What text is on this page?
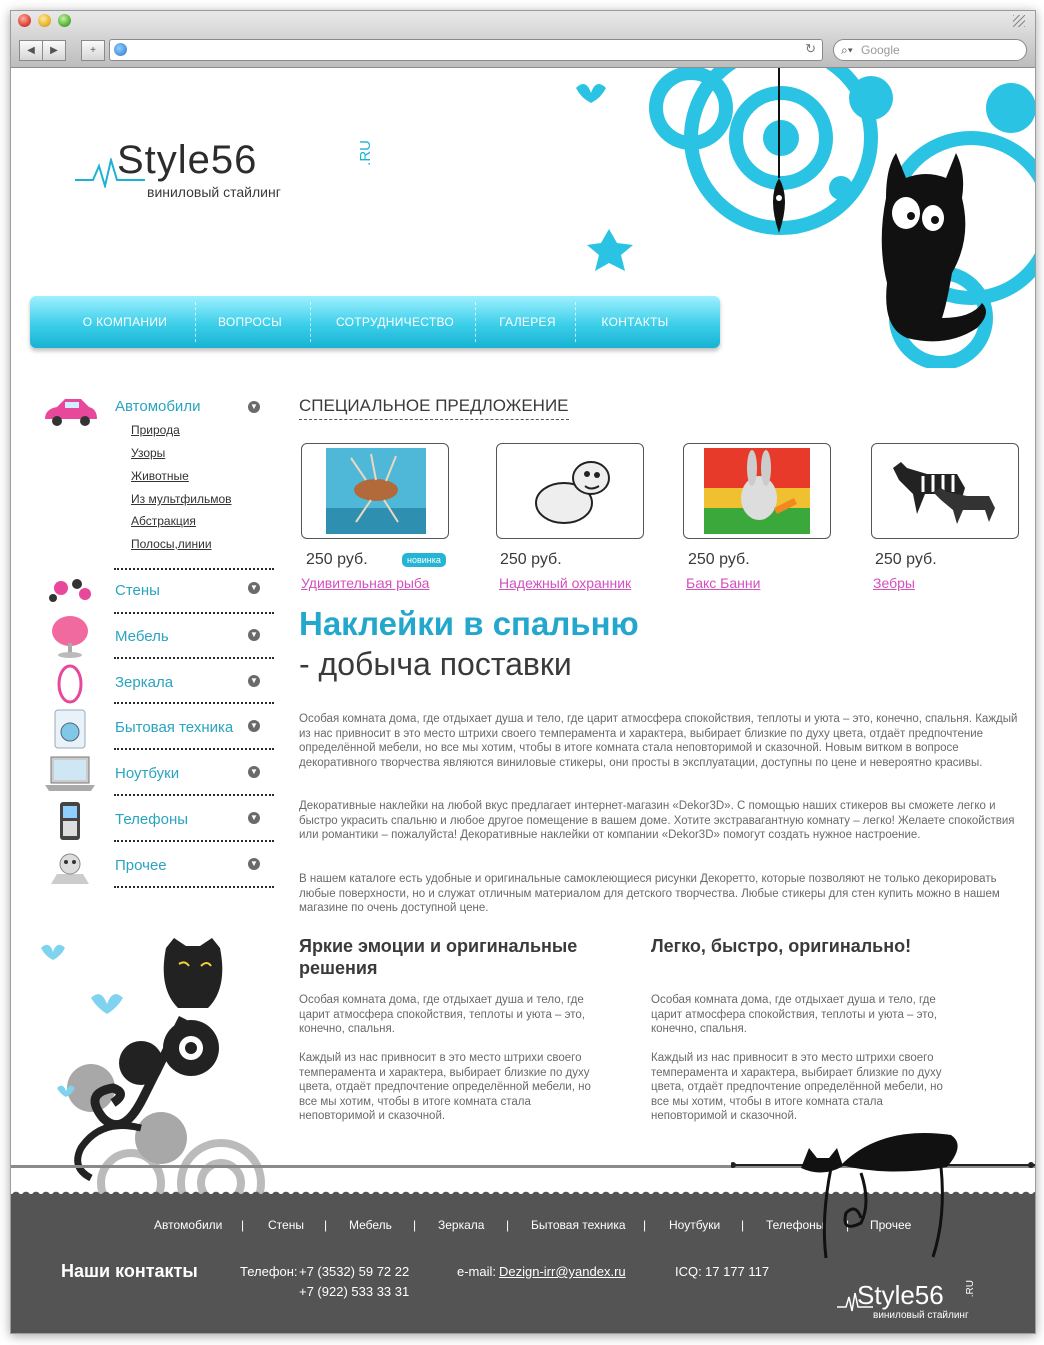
◀	▶	+	↻ ⌕▾ Google
Style56	.RU
виниловый стайлинг
О КОМПАНИИ	ВОПРОСЫ	СОТРУДНИЧЕСТВО	ГАЛЕРЕЯ	КОНТАКТЫ
Автомобили	▼
Природа
Узоры
Животные
Из мультфильмов
Абстракция
Полосы,линии
Стены	▼
Мебель	▼
Зеркала	▼
Бытовая техника ▼
Ноутбуки	▼
Телефоны	▼
Прочее	▼
СПЕЦИАЛЬНОЕ ПРЕДЛОЖЕНИЕ
250 руб.	новинка
Удивительная рыба
250 руб.
Надежный охранник
250 руб.
Бакс Банни
250 руб.
Зебры
Наклейки в спальню
- добыча поставки

Особая комната дома, где отдыхает душа и тело, где царит атмосфера спокойствия, теплоты и уюта – это, конечно, спальня. Каждый из нас привносит в это место штрихи своего темперамента и характера, выбирает близкие по духу цвета, отдаёт предпочтение определённой мебели, но все мы хотим, чтобы в итоге комната стала неповторимой и сказочной. Новым витком в вопросе декоративного творчества являются виниловые стикеры, они просты в эксплуатации, доступны по цене и невероятно красивы.

Декоративные наклейки на любой вкус предлагает интернет-магазин «Dekor3D». С помощью наших стикеров вы сможете легко и быстро украсить спальню и любое другое помещение в вашем доме. Хотите экстравагантную комнату – легко! Желаете спокойствия или романтики – пожалуйста! Декоративные наклейки от компании «Dekor3D» помогут создать нужное настроение.

В нашем каталоге есть удобные и оригинальные самоклеющиеся рисунки Декоретто, которые позволяют не только декорировать любые поверхности, но и служат отличным материалом для детского творчества. Любые стикеры для стен купить можно в нашем магазине по очень доступной цене.

Яркие эмоции и оригинальные решения

Особая комната дома, где отдыхает душа и тело, где царит атмосфера спокойствия, теплоты и уюта – это, конечно, спальня.

Каждый из нас привносит в это место штрихи своего темперамента и характера, выбирает близкие по духу цвета, отдаёт предпочтение определённой мебели, но все мы хотим, чтобы в итоге комната стала неповторимой и сказочной.

Легко, быстро, оригинально!

Особая комната дома, где отдыхает душа и тело, где царит атмосфера спокойствия, теплоты и уюта – это, конечно, спальня.

Каждый из нас привносит в это место штрихи своего темперамента и характера, выбирает близкие по духу цвета, отдаёт предпочтение определённой мебели, но все мы хотим, чтобы в итоге комната стала неповторимой и сказочной.

Автомобили | Стены | Мебель | Зеркала | Бытовая техника | Ноутбуки | Телефоны | Прочее
Наши контакты	Телефон: +7 (3532) 59 72 22
+7 (922) 533 33 31
e-mail: Dezign-irr@yandex.ru	ICQ: 17 177 117
Style56 .RU
виниловый стайлинг
